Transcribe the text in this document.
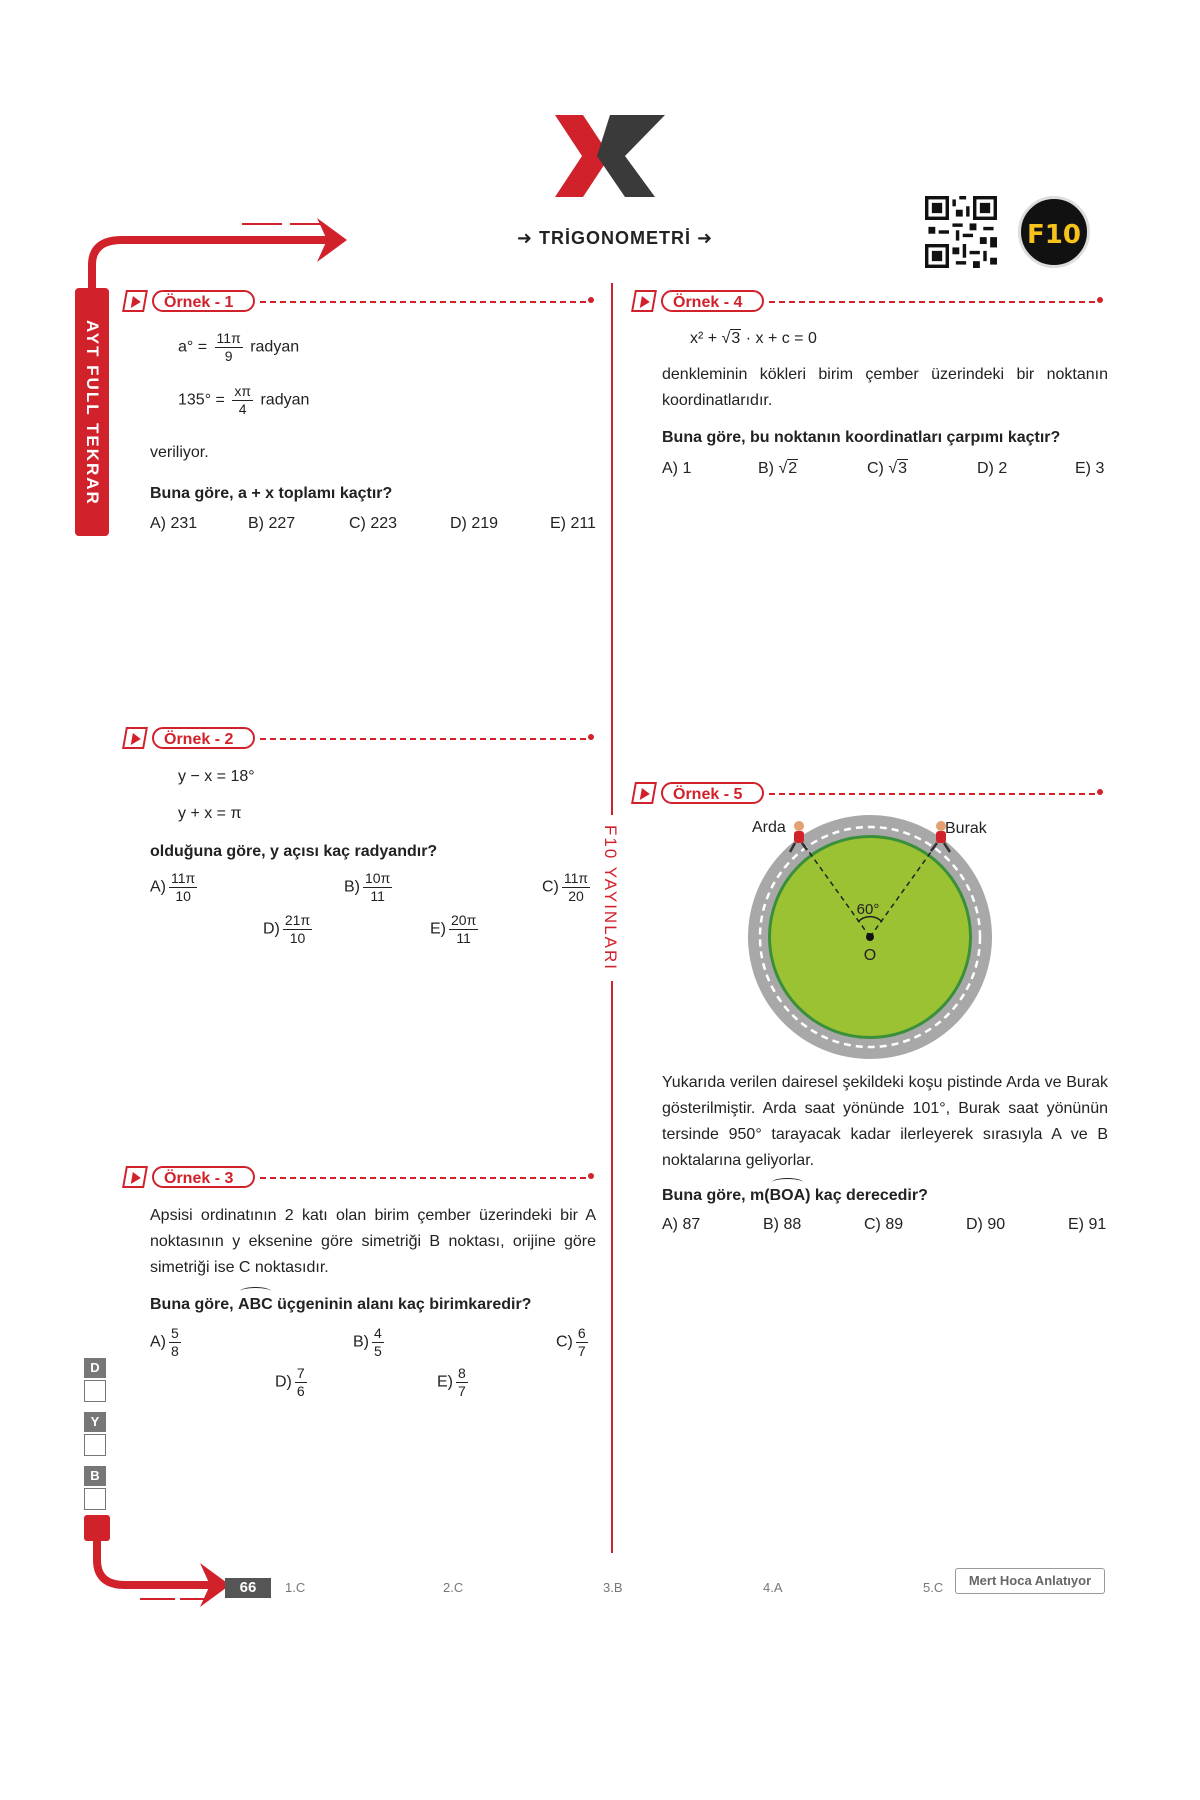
➜ TRİGONOMETRİ ➜	F10
AYT FULL TEKRAR
D
Y
B
F10 YAYINLARI
Örnek - 1
$a^\circ = \frac{11\pi}{9}$ radyan
$135^\circ = \frac{x\pi}{4}$ radyan
veriliyor.
Buna göre, a + x toplamı kaçtır?
A) 231	B) 227	C) 223	D) 219	E) 211
Örnek - 2
y − x = 18°
y + x = π
olduğuna göre, y açısı kaç radyandır?
$A) \frac{11\pi}{10}$	$B) \frac{10\pi}{11}$	$C) \frac{11\pi}{20}$
$D) \frac{21\pi}{10}$	$E) \frac{20\pi}{11}$
Örnek - 3
Apsisi ordinatının 2 katı olan birim çember üzerindeki bir A noktasının y eksenine göre simetriği B noktası, orijine göre simetriği ise C noktasıdır.
Buna göre, ABC üçgeninin alanı kaç birimkaredir?
$A) \frac{5}{8}$	$B) \frac{4}{5}$	$C) \frac{6}{7}$
$D) \frac{7}{6}$	$E) \frac{8}{7}$
Örnek - 4
x² + √3 · x + c = 0
denkleminin kökleri birim çember üzerindeki bir noktanın koordinatlarıdır.
Buna göre, bu noktanın koordinatları çarpımı kaçtır?
A) 1	B) √2	C) √3	D) 2	E) 3
Örnek - 5
60°
O
Arda	Burak
Yukarıda verilen dairesel şekildeki koşu pistinde Arda ve Burak gösterilmiştir. Arda saat yönünde 101°, Burak saat yönünün tersinde 950° tarayacak kadar ilerleyerek sırasıyla A ve B noktalarına geliyorlar.
Buna göre, m(BOA) kaç derecedir?
A) 87	B) 88	C) 89	D) 90	E) 91
66	1.C	2.C	3.B	4.A	5.C	Mert Hoca Anlatıyor
